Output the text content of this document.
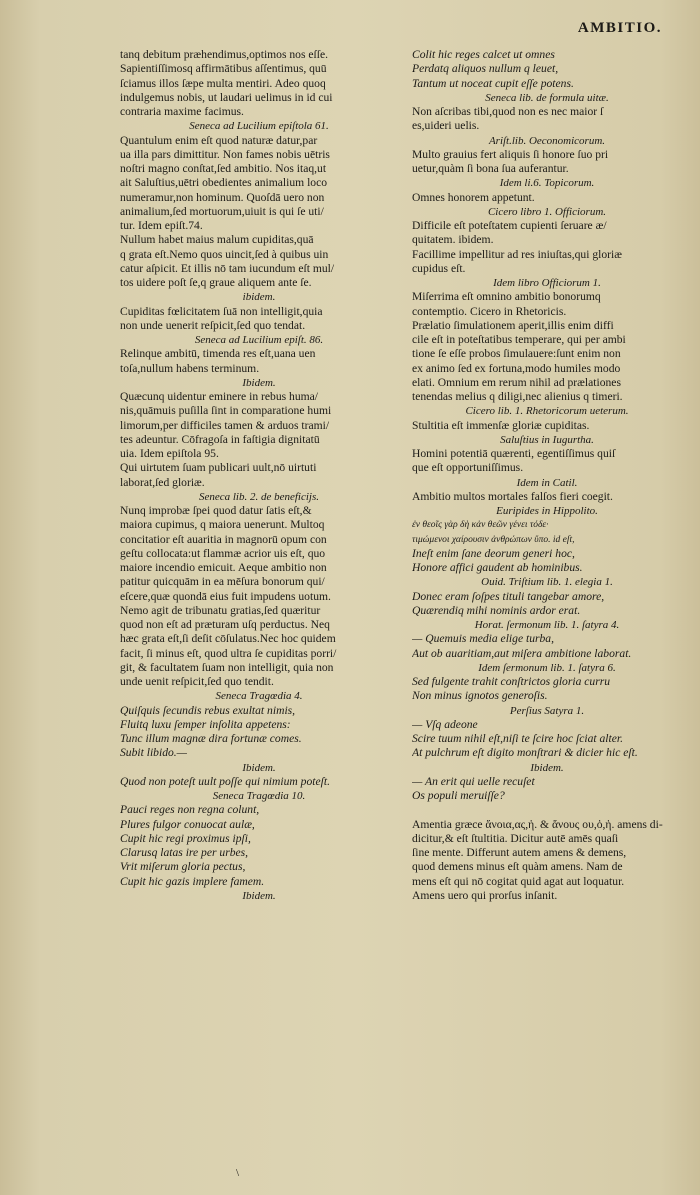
AMBITIO.
tanq debitum præhendimus,optimos nos eſſe.
Sapientiſſimosq affirmātibus aſſentimus, quū
ſciamus illos ſæpe multa mentiri. Adeo quoq
indulgemus nobis, ut laudari uelimus in id cui
contraria maxime facimus.
Seneca ad Lucilium epiſtola 61.
Quantulum enim eſt quod naturæ datur,par
ua illa pars dimittitur. Non fames nobis uētris
noſtri magno conſtat,ſed ambitio. Nos itaq,ut
ait Saluſtius,uētri obedientes animalium loco
numeramur,non hominum. Quoſdā uero non
animalium,ſed mortuorum,uiuit is qui ſe uti/
tur. Idem epiſt.74.
Nullum habet maius malum cupiditas,quā
q grata eſt.Nemo quos uincit,ſed à quibus uin
catur aſpicit. Et illis nō tam iucundum eſt mul/
tos uidere poſt ſe,q graue aliquem ante ſe.
ibidem.
Cupiditas fœlicitatem ſuā non intelligit,quia
non unde uenerit reſpicit,ſed quo tendat.
Seneca ad Lucilium epiſt. 86.
Relinque ambitū, timenda res eſt,uana uen
toſa,nullum habens terminum.
Ibidem.
Quæcunq uidentur eminere in rebus huma/
nis,quāmuis puſilla ſint in comparatione humi
limorum,per difficiles tamen & arduos trami/
tes adeuntur. Cōfragoſa in faſtigia dignitatū
uia. Idem epiſtola 95.
Qui uirtutem ſuam publicari uult,nō uirtuti
laborat,ſed gloriæ.
Seneca lib. 2. de beneficijs.
Nunq improbæ ſpei quod datur ſatis eſt,&
maiora cupimus, q maiora uenerunt. Multoq
concitatior eſt auaritia in magnorū opum con
geſtu collocata:ut flammæ acrior uis eſt, quo
maiore incendio emicuit. Aeque ambitio non
patitur quicquām in ea mēſura bonorum qui/
eſcere,quæ quondā eius fuit impudens uotum.
Nemo agit de tribunatu gratias,ſed quæritur
quod non eſt ad præturam uſq perductus. Neq
hæc grata eſt,ſi deſit cōſulatus.Nec hoc quidem
facit, ſi minus eſt, quod ultra ſe cupiditas porri/
git, & facultatem ſuam non intelligit, quia non
unde uenit reſpicit,ſed quo tendit.
Seneca Tragœdia 4.
Quiſquis ſecundis rebus exultat nimis,
Fluitq luxu ſemper inſolita appetens:
Tunc illum magnæ dira fortunæ comes.
Subit libido.—
Ibidem.
Quod non poteſt uult poſſe qui nimium poteſt.
Seneca Tragœdia 10.
Pauci reges non regna colunt,
Plures fulgor conuocat aulæ,
Cupit hic regi proximus ipſi,
Clarusq latas ire per urbes,
Vrit miſerum gloria pectus,
Cupit hic gazis implere famem.
Ibidem.
Colit hic reges calcet ut omnes
Perdatq aliquos nullum q leuet,
Tantum ut noceat cupit eſſe potens.
Seneca lib. de formula uitæ.
Non aſcribas tibi,quod non es nec maior ſ
es,uideri uelis.
Ariſt.lib. Oeconomicorum.
Multo grauius fert aliquis ſi honore ſuo pri
uetur,quàm ſi bona ſua auferantur.
Idem li.6. Topicorum.
Omnes honorem appetunt.
Cicero libro 1. Officiorum.
Difficile eſt poteſtatem cupienti ſeruare æ/
quitatem. ibidem.
Facillime impellitur ad res iniuſtas,qui gloriæ
cupidus eſt.
Idem libro Officiorum 1.
Miſerrima eſt omnino ambitio bonorumq
contemptio. Cicero in Rhetoricis.
Prælatio ſimulationem aperit,illis enim diffi
cile eſt in poteſtatibus temperare, qui per ambi
tione ſe eſſe probos ſimulauere:ſunt enim non
ex animo ſed ex fortuna,modo humiles modo
elati. Omnium em rerum nihil ad prælationes
tenendas melius q diligi,nec alienius q timeri.
Cicero lib. 1. Rhetoricorum ueterum.
Stultitia eſt immenſæ gloriæ cupiditas.
Saluſtius in Iugurtha.
Homini potentiā quærenti, egentiſſimus quiſ
que eſt opportuniſſimus.
Idem in Catil.
Ambitio multos mortales falſos fieri coegit.
Euripides in Hippolito.
ἐν θεοῖς γὰρ δὴ κἀν θεῶν γένει τόδε·
τιμώμενοι χαίρουσιν ἀνθρώπων ὕπο. id eſt,
Ineſt enim ſane deorum generi hoc,
Honore affici gaudent ab hominibus.
Ouid. Triſtium lib. 1. elegia 1.
Donec eram ſoſpes tituli tangebar amore,
Quærendiq mihi nominis ardor erat.
Horat. ſermonum lib. 1. ſatyra 4.
— Quemuis media elige turba,
Aut ob auaritiam,aut miſera ambitione laborat.
Idem ſermonum lib. 1. ſatyra 6.
Sed fulgente trahit conſtrictos gloria curru
Non minus ignotos generoſis.
Perſius Satyra 1.
— Vſq adeone
Scire tuum nihil eſt,niſi te ſcire hoc ſciat alter.
At pulchrum eſt digito monſtrari & dicier hic eſt.
Ibidem.
— An erit qui uelle recuſet
Os populi meruiſſe?

Amentia græce ἄνοια,ας,ἡ. & ἄνους ου,ὁ,ἡ. amens di-
dicitur,& eſt ſtultitia. Dicitur autē amēs quaſi
ſine mente. Differunt autem amens & demens,
quod demens minus eſt quàm amens. Nam de
mens eſt qui nō cogitat quid agat aut loquatur.
Amens uero qui prorſus inſanit.
\
